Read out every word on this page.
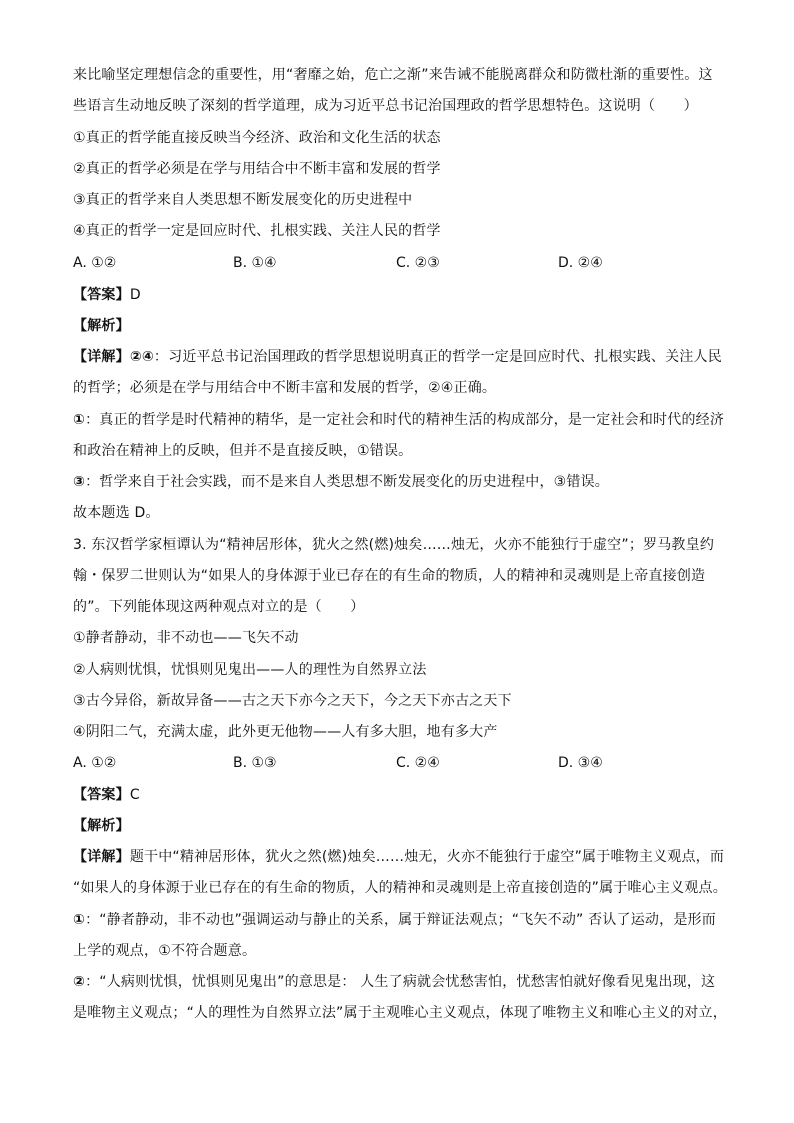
来比喻坚定理想信念的重要性，用“奢靡之始，危亡之渐”来告诫不能脱离群众和防微杜渐的重要性。这
些语言生动地反映了深刻的哲学道理，成为习近平总书记治国理政的哲学思想特色。这说明（　　）
①真正的哲学能直接反映当今经济、政治和文化生活的状态
②真正的哲学必须是在学与用结合中不断丰富和发展的哲学
③真正的哲学来自人类思想不断发展变化的历史进程中
④真正的哲学一定是回应时代、扎根实践、关注人民的哲学
A. ①②	B. ①④	C. ②③	D. ②④
【答案】D
【解析】
【详解】②④：习近平总书记治国理政的哲学思想说明真正的哲学一定是回应时代、扎根实践、关注人民
的哲学；必须是在学与用结合中不断丰富和发展的哲学，②④正确。
①：真正的哲学是时代精神的精华，是一定社会和时代的精神生活的构成部分，是一定社会和时代的经济
和政治在精神上的反映，但并不是直接反映，①错误。
③：哲学来自于社会实践，而不是来自人类思想不断发展变化的历史进程中，③错误。
故本题选 D。
3. 东汉哲学家桓谭认为“精神居形体，犹火之然(燃)烛矣……烛无，火亦不能独行于虚空”；罗马教皇约
翰・保罗二世则认为“如果人的身体源于业已存在的有生命的物质，人的精神和灵魂则是上帝直接创造
的”。下列能体现这两种观点对立的是（　　）
①静者静动，非不动也——飞矢不动
②人病则忧惧，忧惧则见鬼出——人的理性为自然界立法
③古今异俗，新故异备——古之天下亦今之天下，今之天下亦古之天下
④阴阳二气，充满太虚，此外更无他物——人有多大胆，地有多大产
A. ①②	B. ①③	C. ②④	D. ③④
【答案】C
【解析】
【详解】题干中“精神居形体，犹火之然(燃)烛矣……烛无，火亦不能独行于虚空”属于唯物主义观点，而
“如果人的身体源于业已存在的有生命的物质，人的精神和灵魂则是上帝直接创造的”属于唯心主义观点。
①：“静者静动，非不动也”强调运动与静止的关系，属于辩证法观点；“飞矢不动” 否认了运动，是形而
上学的观点，①不符合题意。
②：“人病则忧惧，忧惧则见鬼出”的意思是： 人生了病就会忧愁害怕，忧愁害怕就好像看见鬼出现，这
是唯物主义观点；“人的理性为自然界立法”属于主观唯心主义观点，体现了唯物主义和唯心主义的对立，
